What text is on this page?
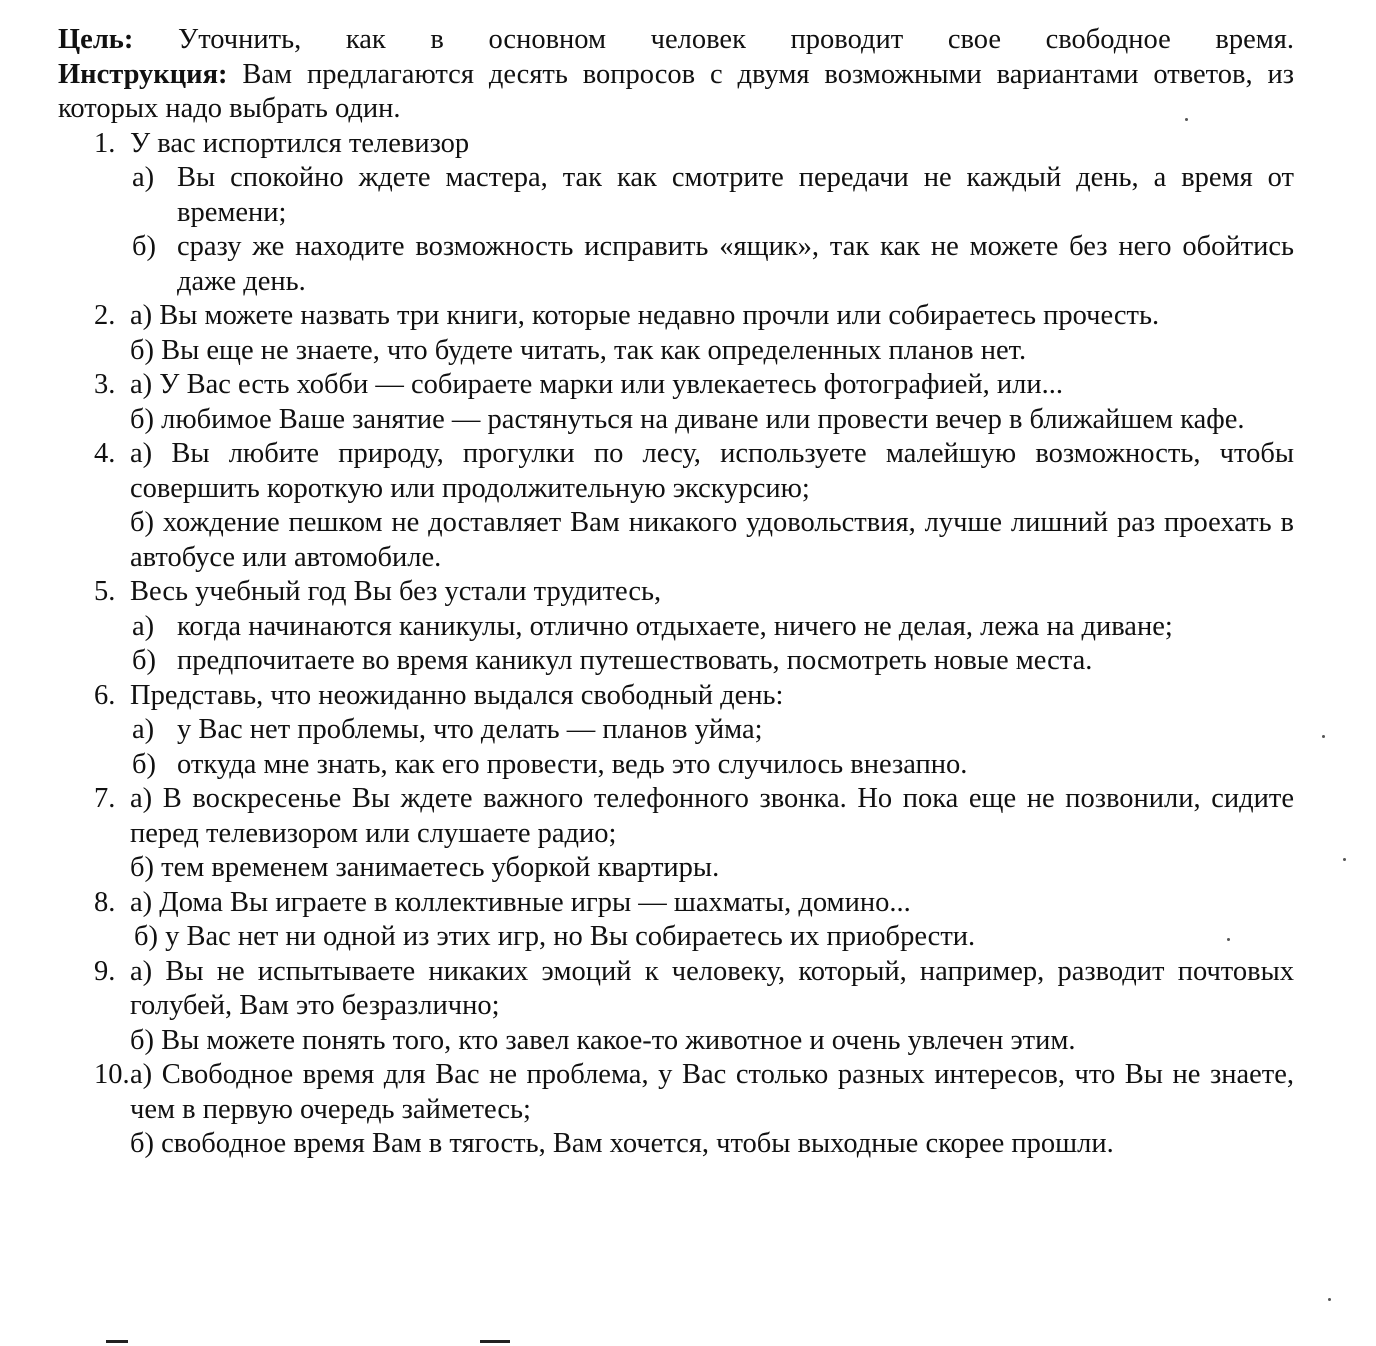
Цель: Уточнить, как в основном человек проводит свое свободное время.

Инструкция: Вам предлагаются десять вопросов с двумя возможными вариантами ответов, из которых надо выбрать один.

1. У вас испортился телевизор
а) Вы спокойно ждете мастера, так как смотрите передачи не каждый день, а время от времени;
б) сразу же находите возможность исправить «ящик», так как не можете без него обойтись даже день.
2. а) Вы можете назвать три книги, которые недавно прочли или собираетесь прочесть.
б) Вы еще не знаете, что будете читать, так как определенных планов нет.
3. а) У Вас есть хобби — собираете марки или увлекаетесь фотографией, или...
б) любимое Ваше занятие — растянуться на диване или провести вечер в ближайшем кафе.
4. а) Вы любите природу, прогулки по лесу, используете малейшую возможность, чтобы совершить короткую или продолжительную экскурсию;
б) хождение пешком не доставляет Вам никакого удовольствия, лучше лишний раз проехать в автобусе или автомобиле.
5. Весь учебный год Вы без устали трудитесь,
а) когда начинаются каникулы, отлично отдыхаете, ничего не делая, лежа на диване;
б) предпочитаете во время каникул путешествовать, посмотреть новые места.
6. Представь, что неожиданно выдался свободный день:
а) у Вас нет проблемы, что делать — планов уйма;
б) откуда мне знать, как его провести, ведь это случилось внезапно.
7. а) В воскресенье Вы ждете важного телефонного звонка. Но пока еще не позвонили, сидите перед телевизором или слушаете радио;
б) тем временем занимаетесь уборкой квартиры.
8. а) Дома Вы играете в коллективные игры — шахматы, домино...
б) у Вас нет ни одной из этих игр, но Вы собираетесь их приобрести.
9. а) Вы не испытываете никаких эмоций к человеку, который, например, разводит почтовых голубей, Вам это безразлично;
б) Вы можете понять того, кто завел какое-то животное и очень увлечен этим.
10. а) Свободное время для Вас не проблема, у Вас столько разных интересов, что Вы не знаете, чем в первую очередь займетесь;
б) свободное время Вам в тягость, Вам хочется, чтобы выходные скорее прошли.
